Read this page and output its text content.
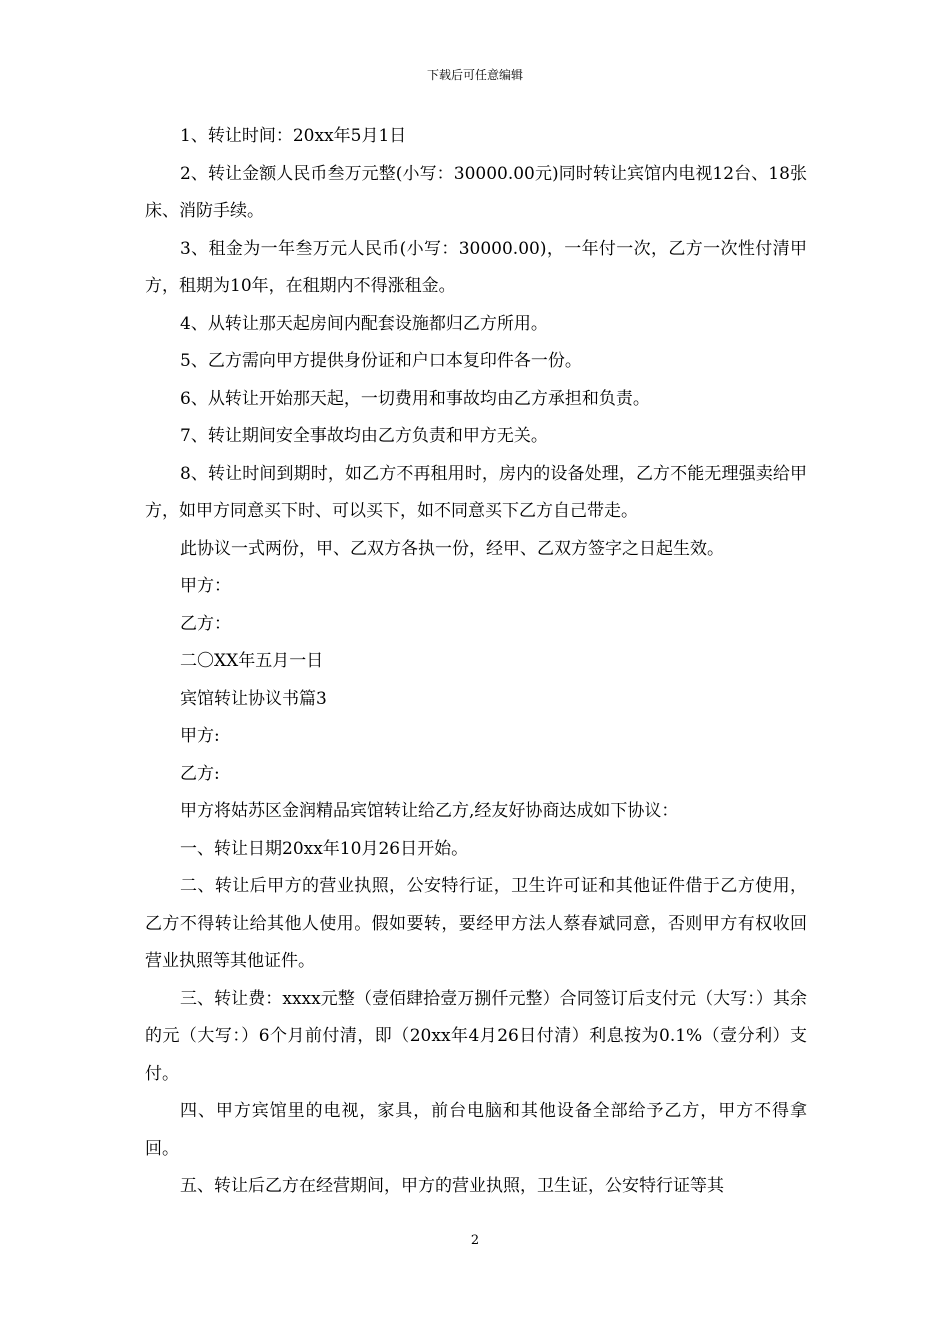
下载后可任意编辑

1、转让时间：20xx年5月1日

2、转让金额人民币叁万元整(小写：30000.00元)同时转让宾馆内电视12台、18张床、消防手续。

3、租金为一年叁万元人民币(小写：30000.00)，一年付一次，乙方一次性付清甲方，租期为10年，在租期内不得涨租金。

4、从转让那天起房间内配套设施都归乙方所用。

5、乙方需向甲方提供身份证和户口本复印件各一份。

6、从转让开始那天起，一切费用和事故均由乙方承担和负责。

7、转让期间安全事故均由乙方负责和甲方无关。

8、转让时间到期时，如乙方不再租用时，房内的设备处理，乙方不能无理强卖给甲方，如甲方同意买下时、可以买下，如不同意买下乙方自己带走。

此协议一式两份，甲、乙双方各执一份，经甲、乙双方签字之日起生效。

甲方：

乙方：

二〇XX年五月一日

宾馆转让协议书篇3

甲方:

乙方:

甲方将姑苏区金润精品宾馆转让给乙方,经友好协商达成如下协议：

一、转让日期20xx年10月26日开始。

二、转让后甲方的营业执照，公安特行证，卫生许可证和其他证件借于乙方使用，乙方不得转让给其他人使用。假如要转，要经甲方法人蔡春斌同意，否则甲方有权收回营业执照等其他证件。

三、转让费：xxxx元整（壹佰肆拾壹万捌仟元整）合同签订后支付元（大写：）其余的元（大写：）6个月前付清，即（20xx年4月26日付清）利息按为0.1%（壹分利）支付。

四、甲方宾馆里的电视，家具，前台电脑和其他设备全部给予乙方，甲方不得拿回。

五、转让后乙方在经营期间，甲方的营业执照，卫生证，公安特行证等其

2
